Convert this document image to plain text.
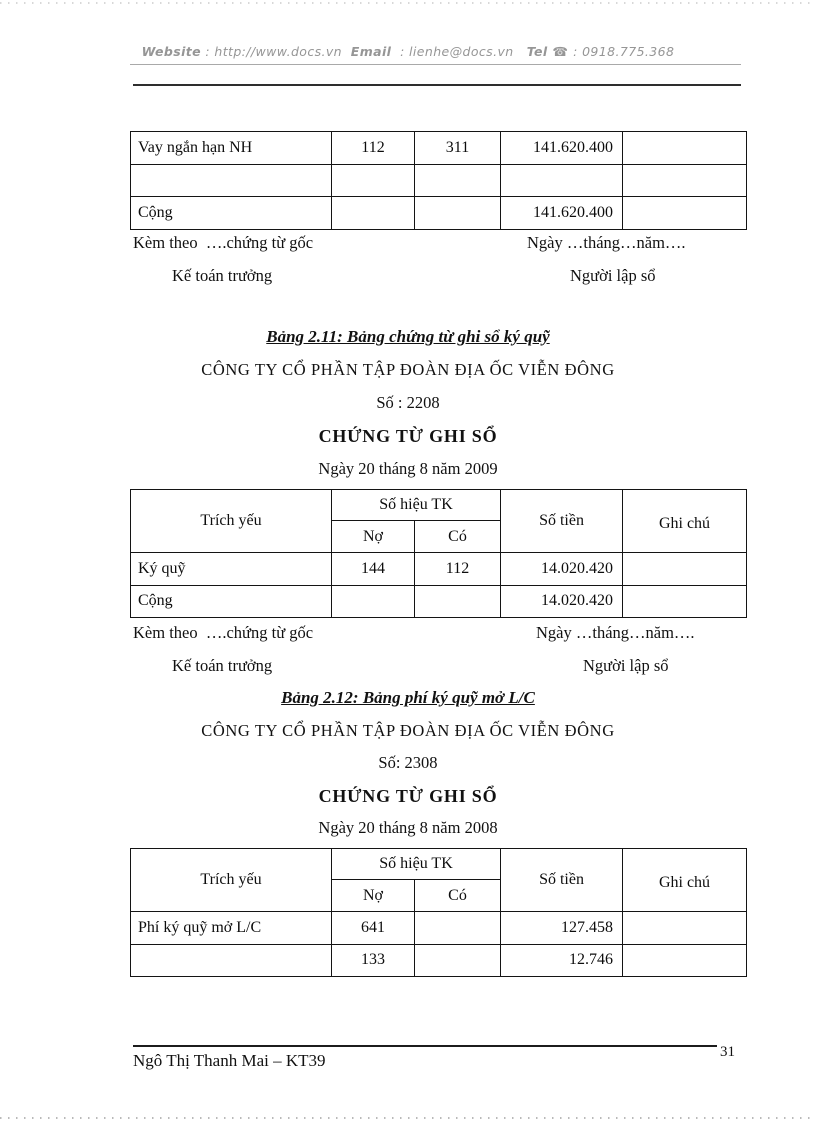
Website : http://www.docs.vn  Email  : lienhe@docs.vn   Tel ☎ : 0918.775.368
Vay ngắn hạn NH	112	311	141.620.400	

Cộng			141.620.400	
Kèm theo  ….chứng từ gốc	Ngày …tháng…năm….
Kế toán trưởng	Người lập sổ
Bảng 2.11: Bảng chứng từ ghi sổ ký quỹ
CÔNG TY CỔ PHẦN TẬP ĐOÀN ĐỊA ỐC VIỄN ĐÔNG
Số : 2208
CHỨNG TỪ GHI SỔ
Ngày 20 tháng 8 năm 2009
Trích yếu	Số hiệu TK		Số tiền	Ghi chú
	Nợ	Có		
Ký quỹ	144	112	14.020.420	
Cộng			14.020.420	
Kèm theo  ….chứng từ gốc	Ngày …tháng…năm….
Kế toán trưởng	Người lập sổ
Bảng 2.12: Bảng phí ký quỹ mở L/C
CÔNG TY CỔ PHẦN TẬP ĐOÀN ĐỊA ỐC VIỄN ĐÔNG
Số: 2308
CHỨNG TỪ GHI SỔ
Ngày 20 tháng 8 năm 2008
Trích yếu	Số hiệu TK		Số tiền	Ghi chú
	Nợ	Có		
Phí ký quỹ mở L/C	641		127.458	
	133		12.746	
Ngô Thị Thanh Mai – KT39	31
